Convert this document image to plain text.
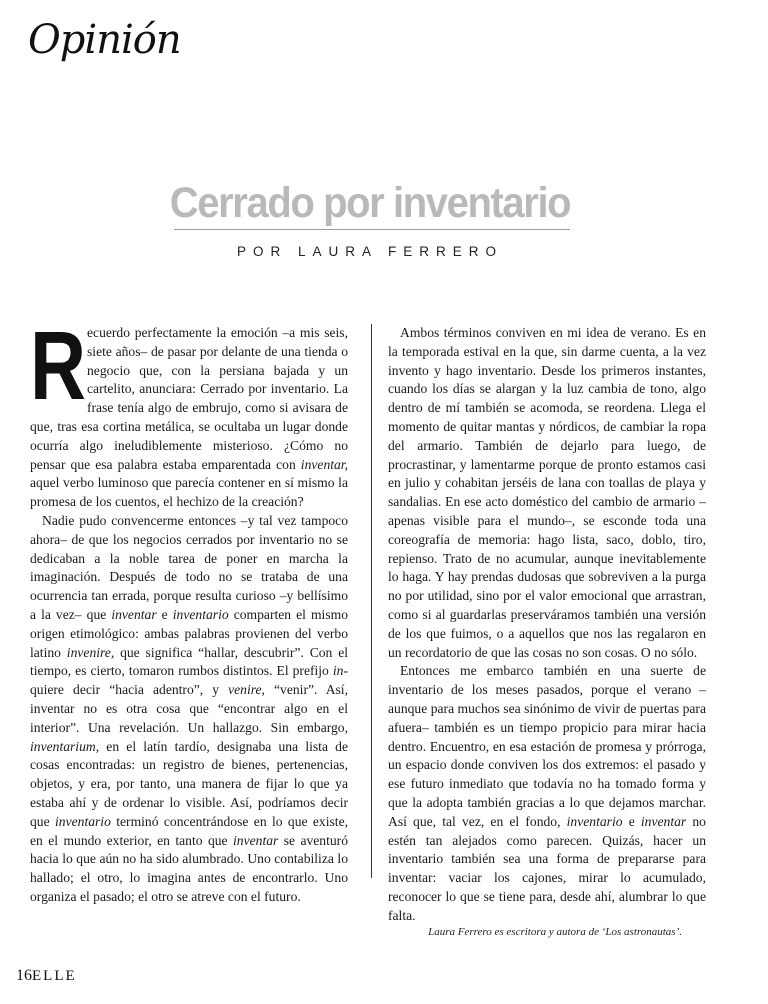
Opinión
Cerrado por inventario
POR LAURA FERRERO

Recuerdo perfectamente la emoción –a mis seis, siete años– de pasar por delante de una tienda o negocio que, con la persiana bajada y un cartelito, anunciara: Cerrado por inventario. La frase tenía algo de embrujo, como si avisara de que, tras esa cortina metálica, se ocultaba un lugar donde ocurría algo ineludiblemente misterioso. ¿Cómo no pensar que esa palabra estaba emparentada con inventar, aquel verbo luminoso que parecía contener en sí mismo la promesa de los cuentos, el hechizo de la creación?

Nadie pudo convencerme entonces –y tal vez tampoco ahora– de que los negocios cerrados por inventario no se dedicaban a la noble tarea de poner en marcha la imaginación. Después de todo no se trataba de una ocurrencia tan errada, porque resulta curioso –y bellísimo a la vez– que inventar e inventario comparten el mismo origen etimológico: ambas palabras provienen del verbo latino invenire, que significa “hallar, descubrir”. Con el tiempo, es cierto, tomaron rumbos distintos. El prefijo in- quiere decir “hacia adentro”, y venire, “venir”. Así, inventar no es otra cosa que “encontrar algo en el interior”. Una revelación. Un hallazgo. Sin embargo, inventarium, en el latín tardío, designaba una lista de cosas encontradas: un registro de bienes, pertenencias, objetos, y era, por tanto, una manera de fijar lo que ya estaba ahí y de ordenar lo visible. Así, podríamos decir que inventario terminó concentrándose en lo que existe, en el mundo exterior, en tanto que inventar se aventuró hacia lo que aún no ha sido alumbrado. Uno contabiliza lo hallado; el otro, lo imagina antes de encontrarlo. Uno organiza el pasado; el otro se atreve con el futuro.

Ambos términos conviven en mi idea de verano. Es en la temporada estival en la que, sin darme cuenta, a la vez invento y hago inventario. Desde los primeros instantes, cuando los días se alargan y la luz cambia de tono, algo dentro de mí también se acomoda, se reordena. Llega el momento de quitar mantas y nórdicos, de cambiar la ropa del armario. También de dejarlo para luego, de procrastinar, y lamentarme porque de pronto estamos casi en julio y cohabitan jerséis de lana con toallas de playa y sandalias. En ese acto doméstico del cambio de armario –apenas visible para el mundo–, se esconde toda una coreografía de memoria: hago lista, saco, doblo, tiro, repienso. Trato de no acumular, aunque inevitablemente lo haga. Y hay prendas dudosas que sobreviven a la purga no por utilidad, sino por el valor emocional que arrastran, como si al guardarlas preserváramos también una versión de los que fuimos, o a aquellos que nos las regalaron en un recordatorio de que las cosas no son cosas. O no sólo.

Entonces me embarco también en una suerte de inventario de los meses pasados, porque el verano –aunque para muchos sea sinónimo de vivir de puertas para afuera– también es un tiempo propicio para mirar hacia dentro. Encuentro, en esa estación de promesa y prórroga, un espacio donde conviven los dos extremos: el pasado y ese futuro inmediato que todavía no ha tomado forma y que la adopta también gracias a lo que dejamos marchar. Así que, tal vez, en el fondo, inventario e inventar no estén tan alejados como parecen. Quizás, hacer un inventario también sea una forma de prepararse para inventar: vaciar los cajones, mirar lo acumulado, reconocer lo que se tiene para, desde ahí, alumbrar lo que falta.

Laura Ferrero es escritora y autora de ‘Los astronautas’.
16ELLE
